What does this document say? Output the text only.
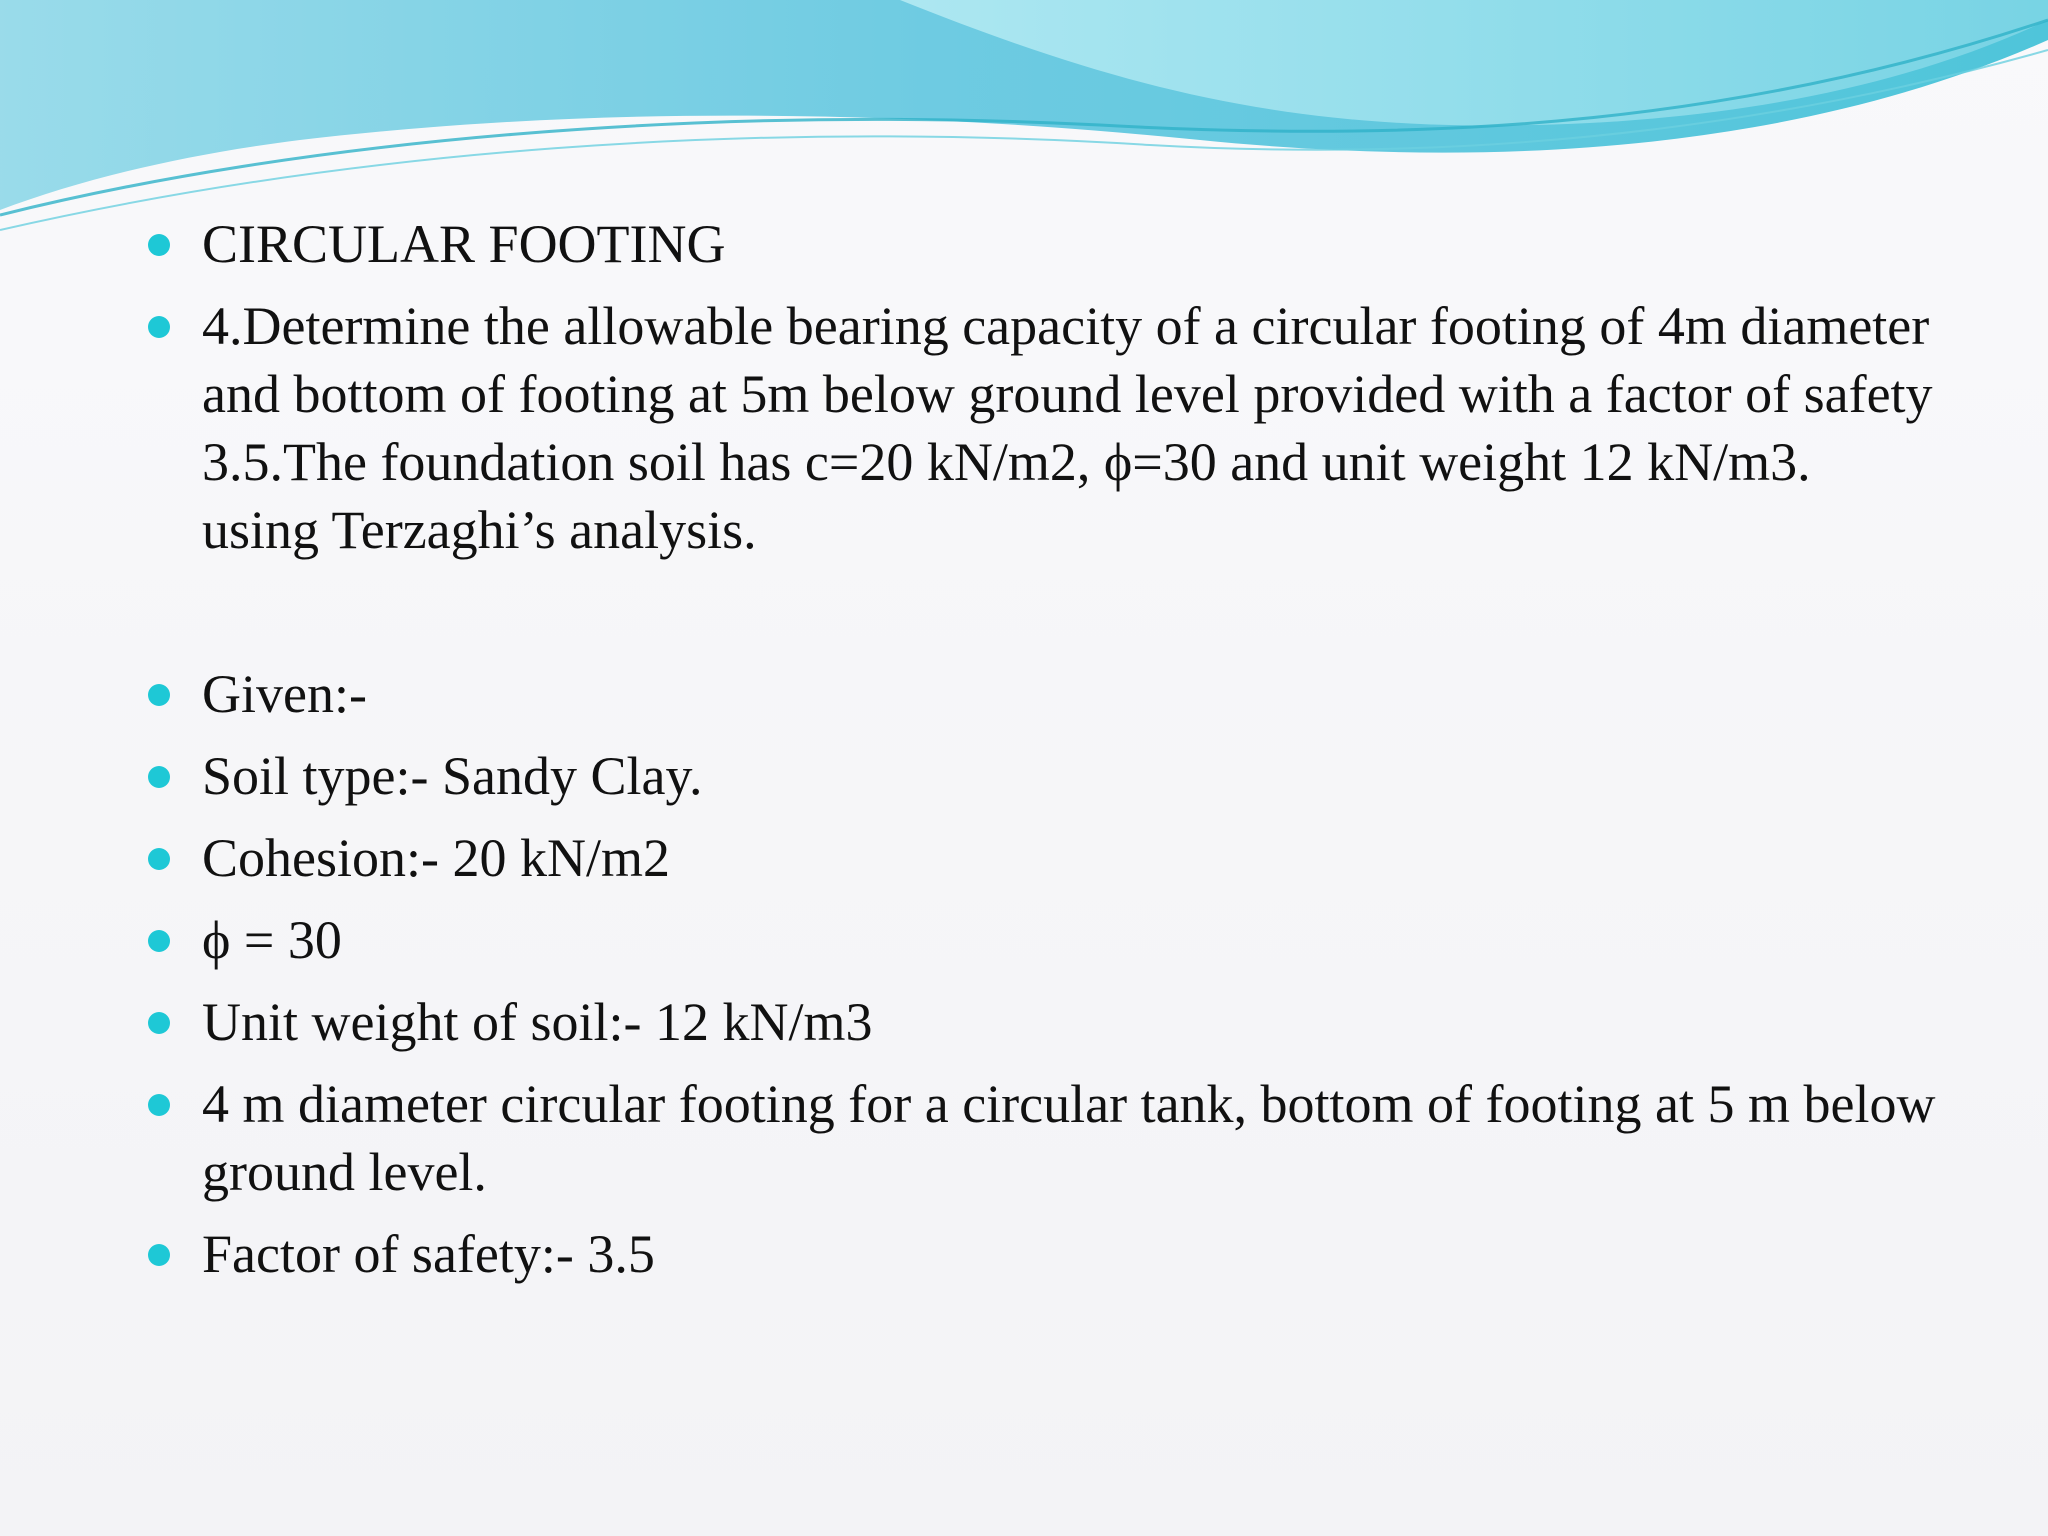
CIRCULAR FOOTING
4.Determine the allowable bearing capacity of a circular footing of 4m diameter and bottom of footing at 5m below ground level provided with a factor of safety 3.5.The foundation soil has c=20 kN/m2, ϕ=30 and unit weight 12 kN/m3. using Terzaghi’s analysis.
Given:-
Soil type:- Sandy Clay.
Cohesion:- 20 kN/m2
ϕ = 30
Unit weight of soil:- 12 kN/m3
4 m diameter circular footing for a circular tank, bottom of footing at 5 m below ground level.
Factor of safety:- 3.5
